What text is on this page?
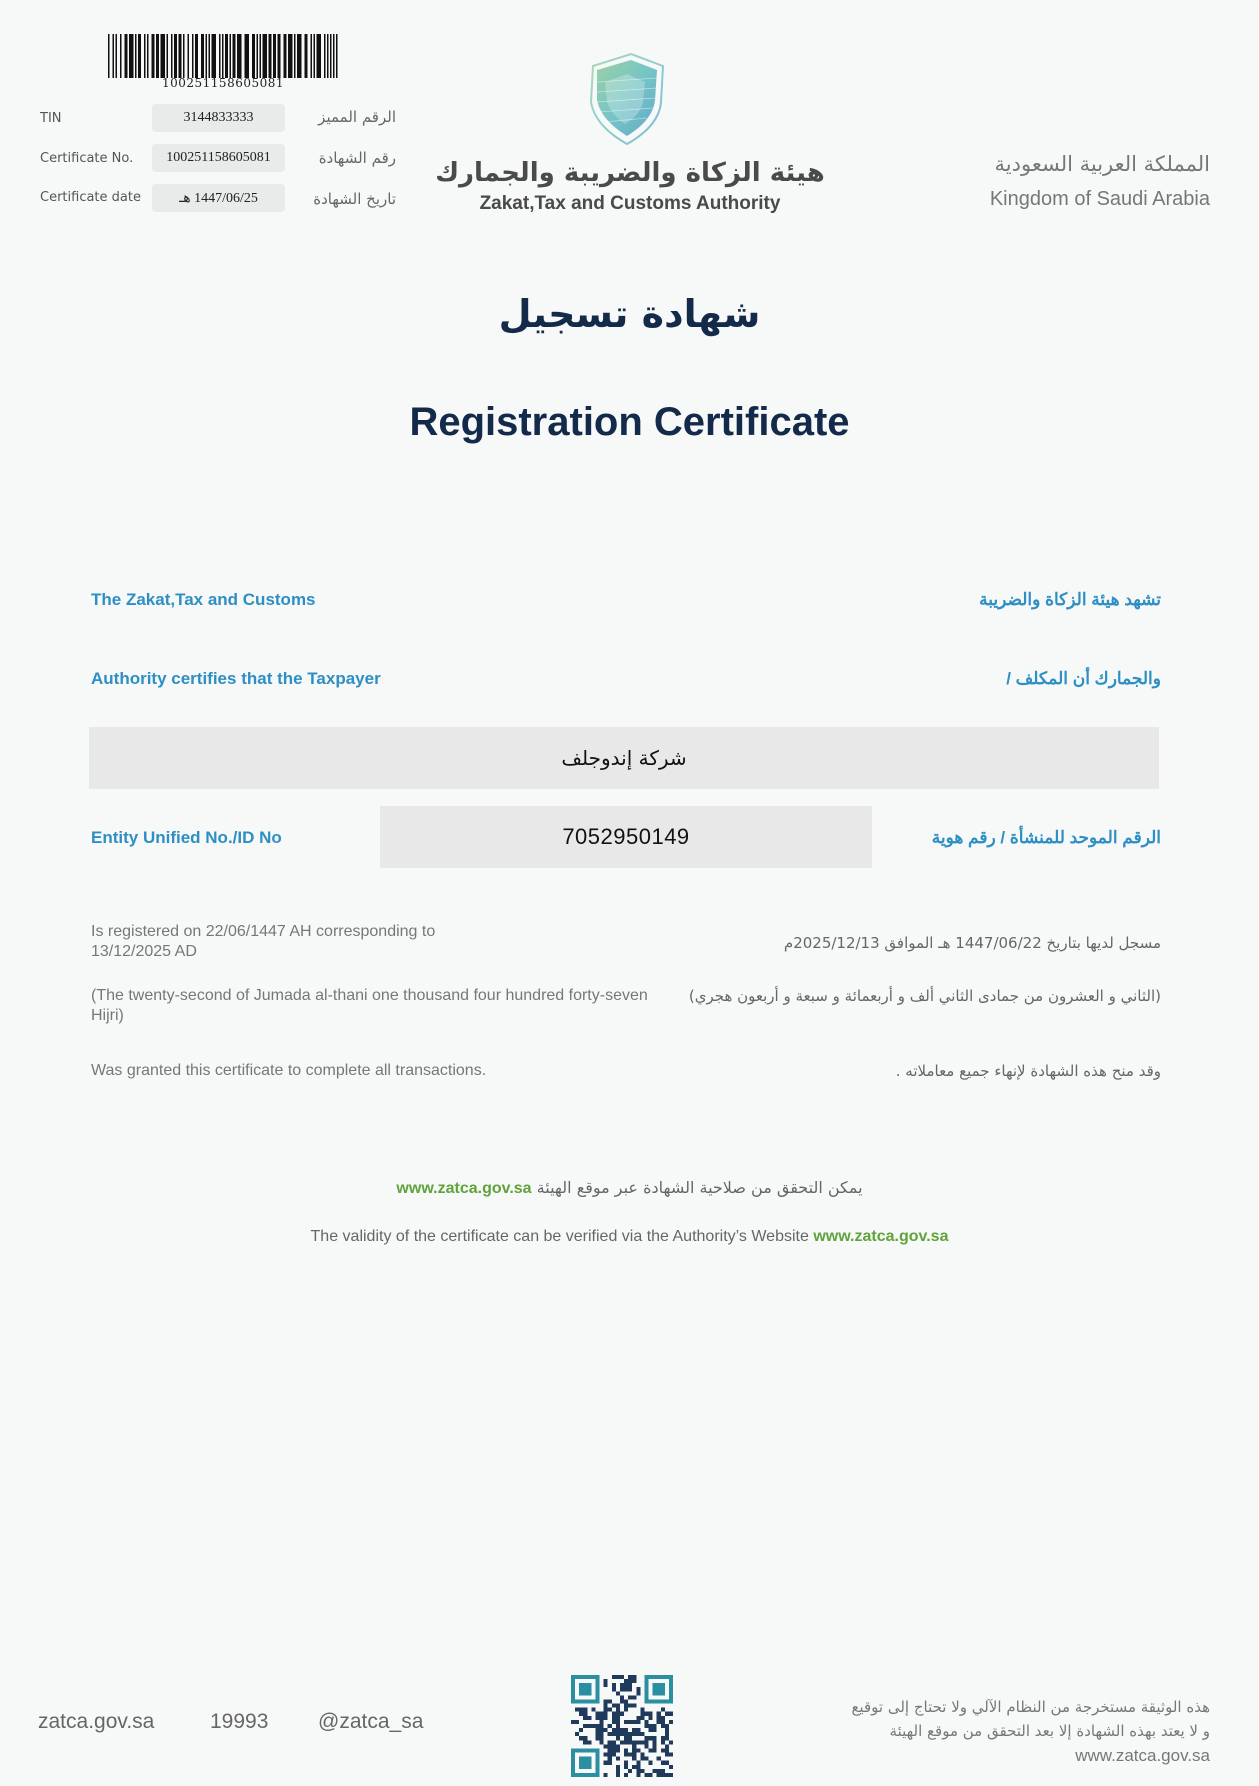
100251158605081
TIN	3144833333	الرقم المميز
Certificate No.	100251158605081	رقم الشهادة
Certificate date	1447/06/25 هـ	تاريخ الشهادة
هيئة الزكاة والضريبة والجمارك
Zakat,Tax and Customs Authority
المملكة العربية السعودية
Kingdom of Saudi Arabia
شهادة تسجيل
Registration Certificate
The Zakat,Tax and Customs	تشهد هيئة الزكاة والضريبة
Authority certifies that the Taxpayer	والجمارك أن المكلف /
شركة إندوجلف
Entity Unified No./ID No	7052950149	الرقم الموحد للمنشأة / رقم هوية
Is registered on 22/06/1447 AH corresponding to 13/12/2025 AD	مسجل لديها بتاريخ 1447/06/22 هـ الموافق 2025/12/13م
(The twenty-second of Jumada al-thani one thousand four hundred forty-seven Hijri)
(الثاني و العشرون من جمادى الثاني ألف و أربعمائة و سبعة و أربعون هجري)
Was granted this certificate to complete all transactions.	وقد منح هذه الشهادة لإنهاء جميع معاملاته .
www.zatca.gov.sa يمكن التحقق من صلاحية الشهادة عبر موقع الهيئة
The validity of the certificate can be verified via the Authority’s Website www.zatca.gov.sa
zatca.gov.sa	19993 @zatca_sa
هذه الوثيقة مستخرجة من النظام الآلي ولا تحتاج إلى توقيع
و لا يعتد بهذه الشهادة إلا بعد التحقق من موقع الهيئة
www.zatca.gov.sa
